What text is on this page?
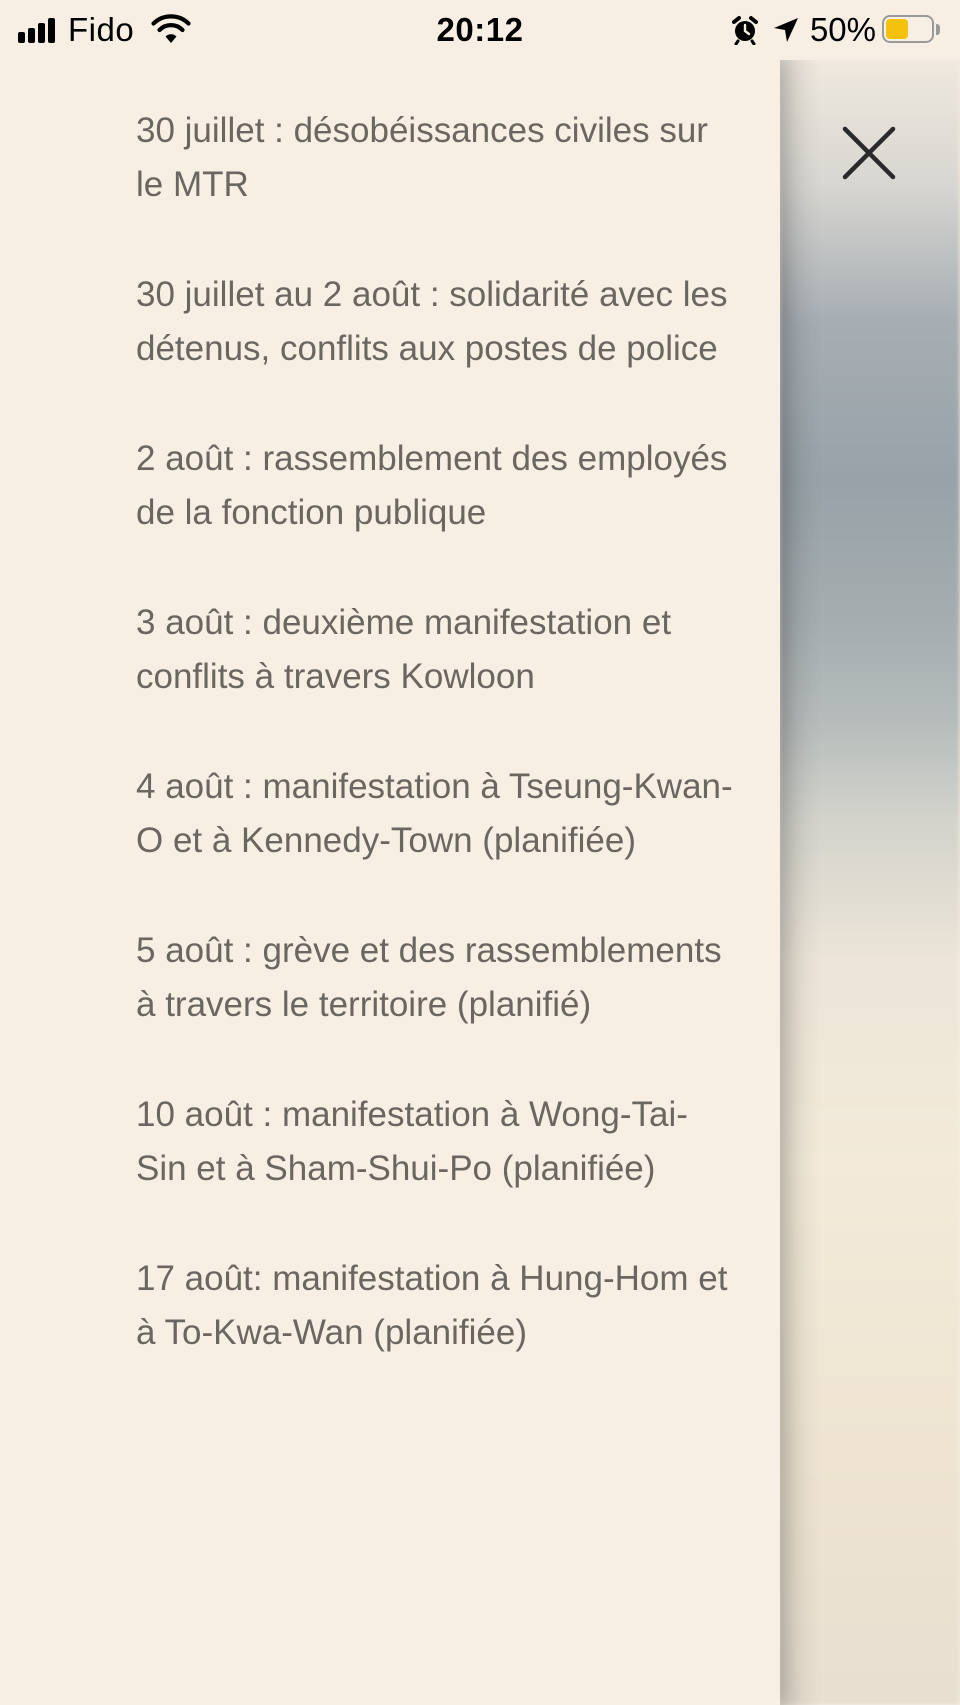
Fido	20:12	50%
30 juillet : désobéissances civiles sur le MTR
30 juillet au 2 août : solidarité avec les détenus, conflits aux postes de police
2 août : rassemblement des employés de la fonction publique
3 août : deuxième manifestation et conflits à travers Kowloon
4 août : manifestation à Tseung-Kwan-O et à Kennedy-Town (planifiée)
5 août : grève et des rassemblements à travers le territoire (planifié)
10 août : manifestation à Wong-Tai-Sin et à Sham-Shui-Po (planifiée)
17 août: manifestation à Hung-Hom et à To-Kwa-Wan (planifiée)
